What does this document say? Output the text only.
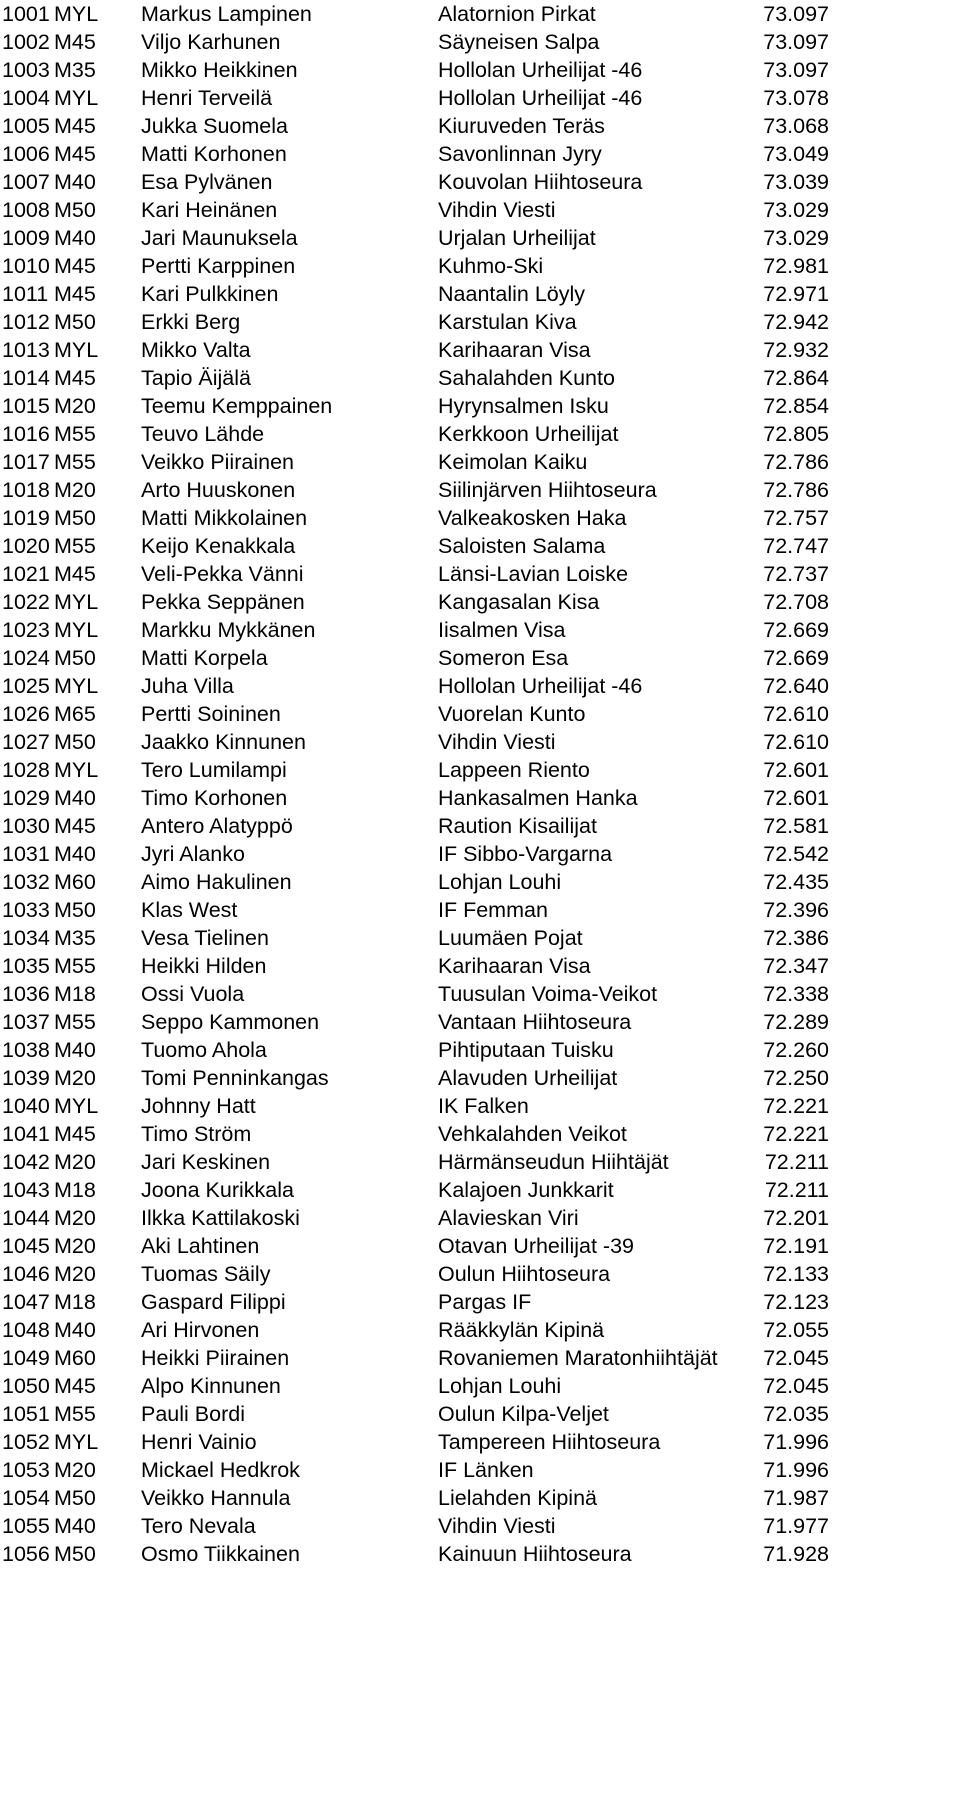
1001 MYL Markus Lampinen	Alatornion Pirkat	73.097
1002 M45 Viljo Karhunen	Säyneisen Salpa	73.097
1003 M35 Mikko Heikkinen	Hollolan Urheilijat -46	73.097
1004 MYL Henri Terveilä	Hollolan Urheilijat -46	73.078
1005 M45 Jukka Suomela	Kiuruveden Teräs	73.068
1006 M45 Matti Korhonen	Savonlinnan Jyry	73.049
1007 M40 Esa Pylvänen	Kouvolan Hiihtoseura	73.039
1008 M50 Kari Heinänen	Vihdin Viesti	73.029
1009 M40 Jari Maunuksela	Urjalan Urheilijat	73.029
1010 M45 Pertti Karppinen	Kuhmo-Ski	72.981
1011 M45 Kari Pulkkinen	Naantalin Löyly	72.971
1012 M50 Erkki Berg	Karstulan Kiva	72.942
1013 MYL Mikko Valta	Karihaaran Visa	72.932
1014 M45 Tapio Äijälä	Sahalahden Kunto	72.864
1015 M20 Teemu Kemppainen	Hyrynsalmen Isku	72.854
1016 M55 Teuvo Lähde	Kerkkoon Urheilijat	72.805
1017 M55 Veikko Piirainen	Keimolan Kaiku	72.786
1018 M20 Arto Huuskonen	Siilinjärven Hiihtoseura	72.786
1019 M50 Matti Mikkolainen	Valkeakosken Haka	72.757
1020 M55 Keijo Kenakkala	Saloisten Salama	72.747
1021 M45 Veli-Pekka Vänni	Länsi-Lavian Loiske	72.737
1022 MYL Pekka Seppänen	Kangasalan Kisa	72.708
1023 MYL Markku Mykkänen	Iisalmen Visa	72.669
1024 M50 Matti Korpela	Someron Esa	72.669
1025 MYL Juha Villa	Hollolan Urheilijat -46	72.640
1026 M65 Pertti Soininen	Vuorelan Kunto	72.610
1027 M50 Jaakko Kinnunen	Vihdin Viesti	72.610
1028 MYL Tero Lumilampi	Lappeen Riento	72.601
1029 M40 Timo Korhonen	Hankasalmen Hanka	72.601
1030 M45 Antero Alatyppö	Raution Kisailijat	72.581
1031 M40 Jyri Alanko	IF Sibbo-Vargarna	72.542
1032 M60 Aimo Hakulinen	Lohjan Louhi	72.435
1033 M50 Klas West	IF Femman	72.396
1034 M35 Vesa Tielinen	Luumäen Pojat	72.386
1035 M55 Heikki Hilden	Karihaaran Visa	72.347
1036 M18 Ossi Vuola	Tuusulan Voima-Veikot	72.338
1037 M55 Seppo Kammonen	Vantaan Hiihtoseura	72.289
1038 M40 Tuomo Ahola	Pihtiputaan Tuisku	72.260
1039 M20 Tomi Penninkangas	Alavuden Urheilijat	72.250
1040 MYL Johnny Hatt	IK Falken	72.221
1041 M45 Timo Ström	Vehkalahden Veikot	72.221
1042 M20 Jari Keskinen	Härmänseudun Hiihtäjät	72.211
1043 M18 Joona Kurikkala	Kalajoen Junkkarit	72.211
1044 M20 Ilkka Kattilakoski	Alavieskan Viri	72.201
1045 M20 Aki Lahtinen	Otavan Urheilijat -39	72.191
1046 M20 Tuomas Säily	Oulun Hiihtoseura	72.133
1047 M18 Gaspard Filippi	Pargas IF	72.123
1048 M40 Ari Hirvonen	Rääkkylän Kipinä	72.055
1049 M60 Heikki Piirainen	Rovaniemen Maratonhiihtäjät 72.045
1050 M45 Alpo Kinnunen	Lohjan Louhi	72.045
1051 M55 Pauli Bordi	Oulun Kilpa-Veljet	72.035
1052 MYL Henri Vainio	Tampereen Hiihtoseura	71.996
1053 M20 Mickael Hedkrok	IF Länken	71.996
1054 M50 Veikko Hannula	Lielahden Kipinä	71.987
1055 M40 Tero Nevala	Vihdin Viesti	71.977
1056 M50 Osmo Tiikkainen	Kainuun Hiihtoseura	71.928
